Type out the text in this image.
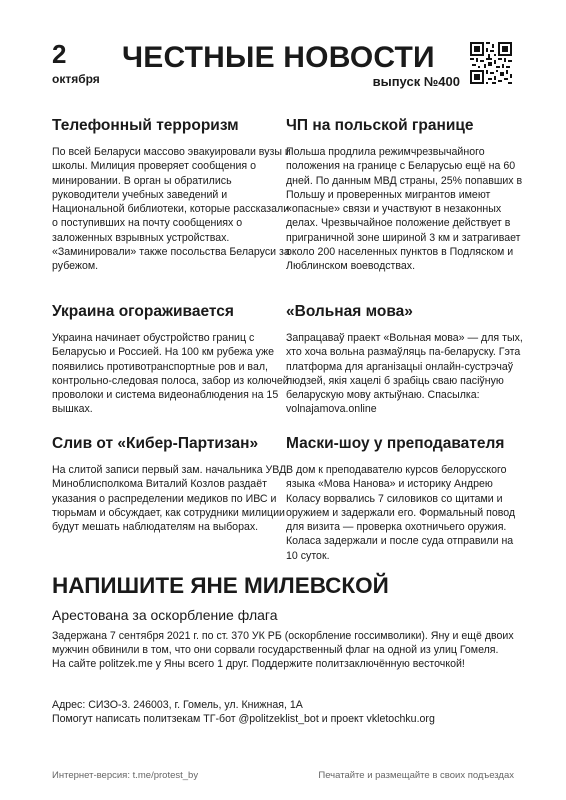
2
октября
ЧЕСТНЫЕ НОВОСТИ
выпуск №400
Телефонный терроризм

По всей Беларуси массово эвакуировали вузы и школы. Милиция проверяет сообщения о минировании. В орган ы обратились руководители учебных заведений и Национальной библиотеки, которые рассказали о поступивших на почту сообщениях о заложенных взрывных устройствах. «Заминировали» также посольства Беларуси за рубежом.

ЧП на польской границе

Польша продлила режимчрезвычайного положения на границе с Беларусью ещё на 60 дней. По данным МВД страны, 25% попавших в Польшу и проверенных мигрантов имеют «опасные» связи и участвуют в незаконных делах. Чрезвычайное положение действует в приграничной зоне шириной 3 км и затрагивает около 200 населенных пунктов в Подляском и Люблинском воеводствах.

Украина огораживается

Украина начинает обустройство границ с Беларусью и Россией. На 100 км рубежа уже появились противотранспортные ров и вал, контрольно-следовая полоса, забор из колючей проволоки и система видеонаблюдения на 15 вышках.

«Вольная мова»

Запрацаваў праект «Вольная мова» — для тых, хто хоча вольна размаўляць па-беларуску. Гэта платформа для арганізацыі онлайн-сустрэчаў людзей, якія хацелі б зрабіць сваю пасіўную беларускую мову актыўнаю. Спасылка: volnajamova.online

Слив от «Кибер-Партизан»

На слитой записи первый зам. начальника УВД Миноблисполкома Виталий Козлов раздаёт указания о распределении медиков по ИВС и тюрьмам и обсуждает, как сотрудники милиции будут мешать наблюдателям на выборах.

Маски-шоу у преподавателя

В дом к преподавателю курсов белорусского языка «Мова Нанова» и историку Андрею Коласу ворвались 7 силовиков со щитами и оружием и задержали его. Формальный повод для визита — проверка охотничьего оружия. Коласа задержали и после суда отправили на 10 суток.

НАПИШИТЕ ЯНЕ МИЛЕВСКОЙ
Арестована за оскорбление флага

Задержана 7 сентября 2021 г. по ст. 370 УК РБ (оскорбление госсимволики). Яну и ещё двоих мужчин обвинили в том, что они сорвали государственный флаг на одной из улиц Гомеля.

На сайте politzek.me у Яны всего 1 друг. Поддержите политзаключённую весточкой!

Адрес: СИЗО-3. 246003, г. Гомель, ул. Книжная, 1А
Помогут написать политзекам ТГ-бот @politzeklist_bot и проект vkletochku.org
Интернет-версия: t.me/protest_by	Печатайте и размещайте в своих подъездах
